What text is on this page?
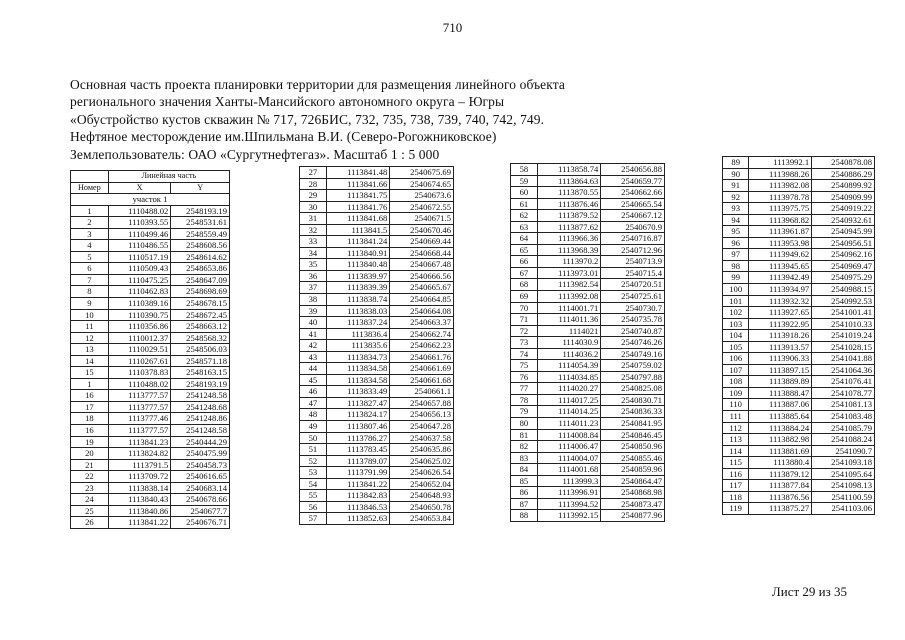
710
Основная часть проекта планировки территории для размещения линейного объекта
регионального значения Ханты-Мансийского автономного округа – Югры
«Обустройство кустов скважин № 717, 726БИС, 732, 735, 738, 739, 740, 742, 749.
Нефтяное месторождение им.Шпильмана В.И. (Северо-Рогожниковское)
Землепользователь: ОАО «Сургутнефтегаз». Масштаб 1 : 5 000
	Линейная часть	
Номер	X	Y
участок 1		
1	1110488.02	2548193.19
2	1110393.55	2548531.61
3	1110499.46	2548559.49
4	1110486.55	2548608.56
5	1110517.19	2548614.62
6	1110509.43	2548653.86
7	1110475.25	2548647.09
8	1110462.83	2548698.69
9	1110389.16	2548678.15
10	1110390.75	2548672.45
11	1110356.86	2548663.12
12	1110012.37	2548568.32
13	1110029.51	2548506.03
14	1110267.61	2548571.18
15	1110378.83	2548163.15
1	1110488.02	2548193.19
16	1113777.57	2541248.58
17	1113777.57	2541248.68
18	1113777.46	2541248.86
16	1113777.57	2541248.58
19	1113841.23	2540444.29
20	1113824.82	2540475.99
21	1113791.5	2540458.73
22	1113709.72	2540616.65
23	1113838.14	2540683.14
24	1113840.43	2540678.66
25	1113840.86	2540677.7
26	1113841.22	2540676.71
27	1113841.48	2540675.69
28	1113841.66	2540674.65
29	1113841.75	2540673.6
30	1113841.76	2540672.55
31	1113841.68	2540671.5
32	1113841.5	2540670.46
33	1113841.24	2540669.44
34	1113840.91	2540668.44
35	1113840.48	2540667.48
36	1113839.97	2540666.56
37	1113839.39	2540665.67
38	1113838.74	2540664.85
39	1113838.03	2540664.08
40	1113837.24	2540663.37
41	1113836.4	2540662.74
42	1113835.6	2540662.23
43	1113834.73	2540661.76
44	1113834.58	2540661.69
45	1113834.58	2540661.68
46	1113833.49	2540661.1
47	1113827.47	2540657.88
48	1113824.17	2540656.13
49	1113807.46	2540647.28
50	1113786.27	2540637.58
51	1113783.45	2540635.86
52	1113789.07	2540625.02
53	1113791.99	2540626.54
54	1113841.22	2540652.04
55	1113842.83	2540648.93
56	1113846.53	2540650.78
57	1113852.63	2540653.84
58	1113858.74	2540656.88
59	1113864.63	2540659.77
60	1113870.55	2540662.66
61	1113876.46	2540665.54
62	1113879.52	2540667.12
63	1113877.62	2540670.9
64	1113966.36	2540716.87
65	1113968.39	2540712.96
66	1113970.2	2540713.9
67	1113973.01	2540715.4
68	1113982.54	2540720.51
69	1113992.08	2540725.61
70	1114001.71	2540730.7
71	1114011.36	2540735.78
72	1114021	2540740.87
73	1114030.9	2540746.26
74	1114036.2	2540749.16
75	1114054.39	2540759.02
76	1114034.85	2540797.88
77	1114020.27	2540825.08
78	1114017.25	2540830.71
79	1114014.25	2540836.33
80	1114011.23	2540841.95
81	1114008.84	2540846.45
82	1114006.47	2540850.96
83	1114004.07	2540855.46
84	1114001.68	2540859.96
85	1113999.3	2540864.47
86	1113996.91	2540868.98
87	1113994.52	2540873.47
88	1113992.15	2540877.96
89	1113992.1	2540878.08
90	1113988.26	2540886.29
91	1113982.08	2540899.92
92	1113978.78	2540909.99
93	1113975.75	2540919.22
94	1113968.82	2540932.61
95	1113961.87	2540945.99
96	1113953.98	2540956.51
97	1113949.62	2540962.16
98	1113945.65	2540969.47
99	1113942.49	2540975.29
100	1113934.97	2540988.15
101	1113932.32	2540992.53
102	1113927.65	2541001.41
103	1113922.95	2541010.33
104	1113918.26	2541019.24
105	1113913.57	2541028.15
106	1113906.33	2541041.88
107	1113897.15	2541064.36
108	1113889.89	2541076.41
109	1113888.47	2541078.77
110	1113887.06	2541081.13
111	1113885.64	2541083.48
112	1113884.24	2541085.79
113	1113882.98	2541088.24
114	1113881.69	2541090.7
115	1113880.4	2541093.18
116	1113879.12	2541095.64
117	1113877.84	2541098.13
118	1113876.56	2541100.59
119	1113875.27	2541103.06
Лист 29 из 35
